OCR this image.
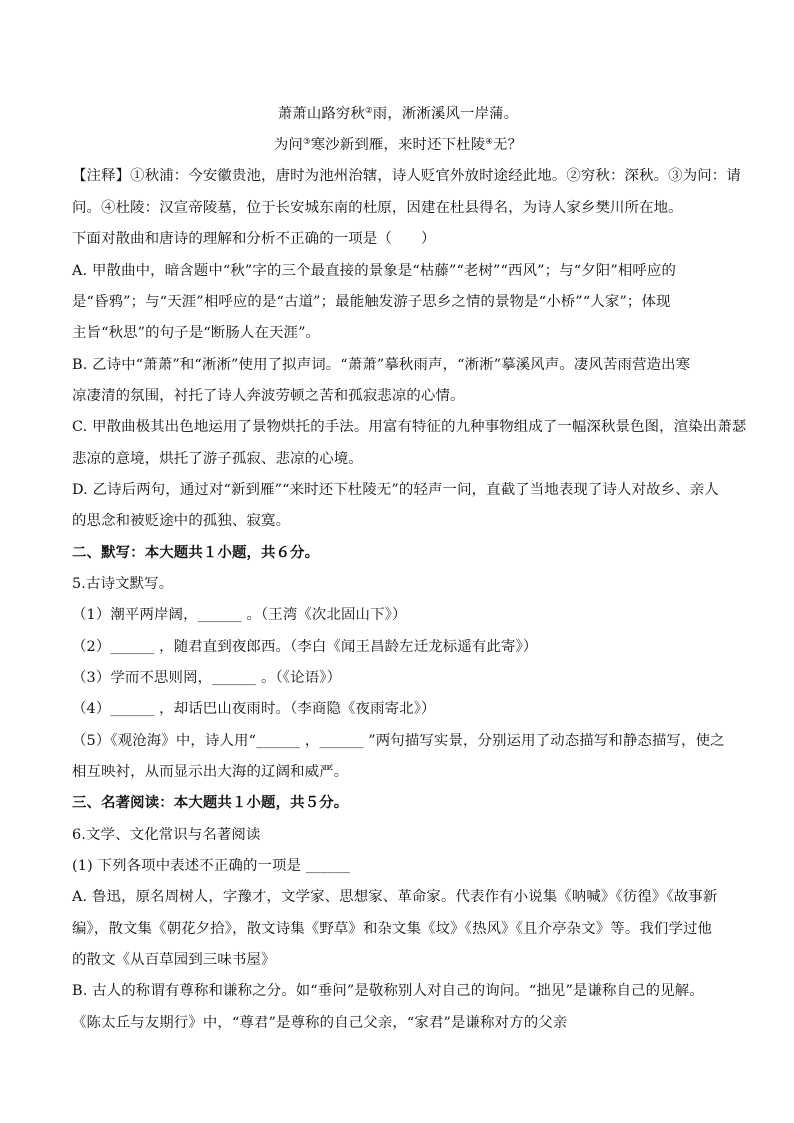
萧萧山路穷秋②雨，淅淅溪风一岸蒲。
为问③寒沙新到雁，来时还下杜陵④无？
【注释】①秋浦：今安徽贵池，唐时为池州治辖，诗人贬官外放时途经此地。②穷秋：深秋。③为问：请
问。④杜陵：汉宣帝陵墓，位于长安城东南的杜原，因建在杜县得名，为诗人家乡樊川所在地。
下面对散曲和唐诗的理解和分析不正确的一项是（　　）
A. 甲散曲中，暗含题中“秋”字的三个最直接的景象是“枯藤”“老树”“西风”；与“夕阳”相呼应的
是“昏鸦”；与“天涯”相呼应的是“古道”；最能触发游子思乡之情的景物是“小桥”“人家”；体现
主旨“秋思”的句子是“断肠人在天涯”。
B. 乙诗中“萧萧”和“淅淅”使用了拟声词。“萧萧”摹秋雨声，“淅淅”摹溪风声。凄风苦雨营造出寒
凉凄清的氛围，衬托了诗人奔波劳顿之苦和孤寂悲凉的心情。
C. 甲散曲极其出色地运用了景物烘托的手法。用富有特征的九种事物组成了一幅深秋景色图，渲染出萧瑟
悲凉的意境，烘托了游子孤寂、悲凉的心境。
D. 乙诗后两句，通过对“新到雁”“来时还下杜陵无”的轻声一问，直截了当地表现了诗人对故乡、亲人
的思念和被贬途中的孤独、寂寞。
二、默写：本大题共１小题，共６分。
5.古诗文默写。
（1）潮平两岸阔，______ 。（王湾《次北固山下》）
（2）______ ，随君直到夜郎西。（李白《闻王昌龄左迁龙标遥有此寄》）
（3）学而不思则罔，______ 。（《论语》）
（4）______ ，却话巴山夜雨时。（李商隐《夜雨寄北》）
（5）《观沧海》中，诗人用“______ ，______ ”两句描写实景，分别运用了动态描写和静态描写，使之
相互映衬，从而显示出大海的辽阔和威严。
三、名著阅读：本大题共１小题，共５分。
6.文学、文化常识与名著阅读
(1) 下列各项中表述不正确的一项是 ______
A. 鲁迅，原名周树人，字豫才，文学家、思想家、革命家。代表作有小说集《呐喊》《彷徨》《故事新
编》，散文集《朝花夕拾》，散文诗集《野草》和杂文集《坟》《热风》《且介亭杂文》等。我们学过他
的散文《从百草园到三味书屋》
B. 古人的称谓有尊称和谦称之分。如“垂问”是敬称别人对自己的询问。“拙见”是谦称自己的见解。
《陈太丘与友期行》中，“尊君”是尊称的自己父亲，“家君”是谦称对方的父亲
